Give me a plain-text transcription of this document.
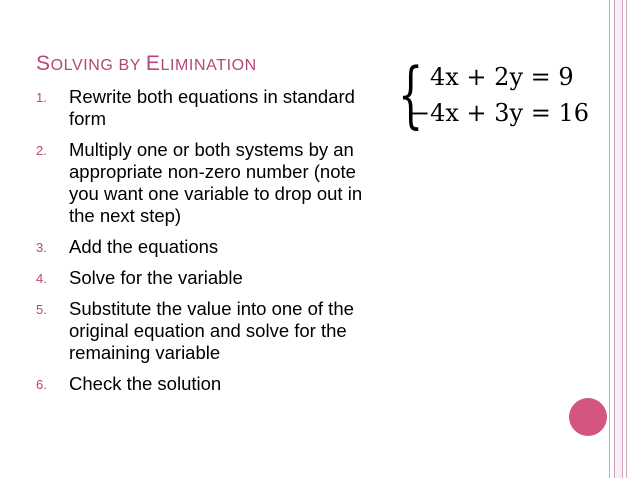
SOLVING BY ELIMINATION
1. Rewrite both equations in standard form
2. Multiply one or both systems by an appropriate non-zero number (note you want one variable to drop out in the next step)
3. Add the equations
4. Solve for the variable
5. Substitute the value into one of the original equation and solve for the remaining variable
6. Check the solution
{ 4x + 2y = 9
−4x + 3y = 16
